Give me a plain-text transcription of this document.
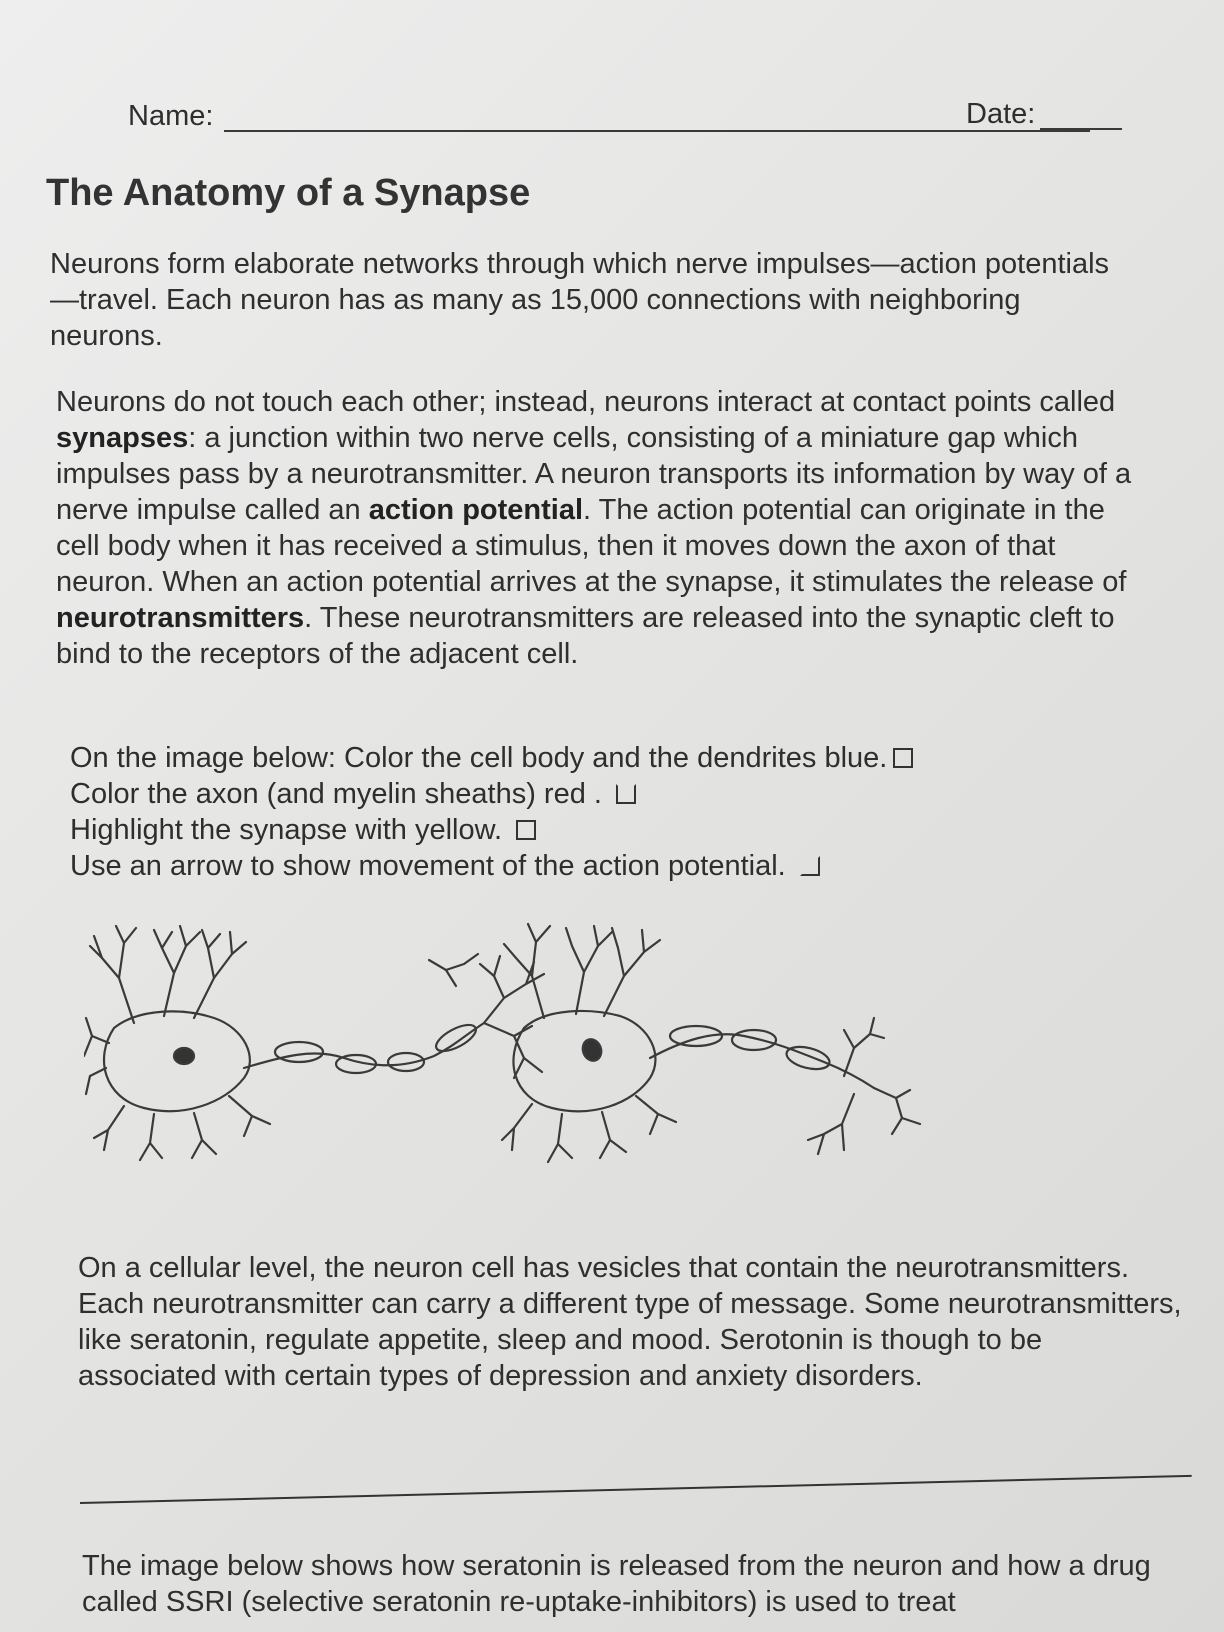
Name:	Date:
The Anatomy of a Synapse

Neurons form elaborate networks through which nerve impulses—action potentials—travel. Each neuron has as many as 15,000 connections with neighboring neurons.

Neurons do not touch each other; instead, neurons interact at contact points called synapses: a junction within two nerve cells, consisting of a miniature gap which impulses pass by a neurotransmitter. A neuron transports its information by way of a nerve impulse called an action potential. The action potential can originate in the cell body when it has received a stimulus, then it moves down the axon of that neuron. When an action potential arrives at the synapse, it stimulates the release of neurotransmitters. These neurotransmitters are released into the synaptic cleft to bind to the receptors of the adjacent cell.

On the image below: Color the cell body and the dendrites blue.
Color the axon (and myelin sheaths) red .
Highlight the synapse with yellow.
Use an arrow to show movement of the action potential.

On a cellular level, the neuron cell has vesicles that contain the neurotransmitters. Each neurotransmitter can carry a different type of message. Some neurotransmitters, like seratonin, regulate appetite, sleep and mood. Serotonin is though to be associated with certain types of depression and anxiety disorders.

The image below shows how seratonin is released from the neuron and how a drug called SSRI (selective seratonin re-uptake-inhibitors) is used to treat
